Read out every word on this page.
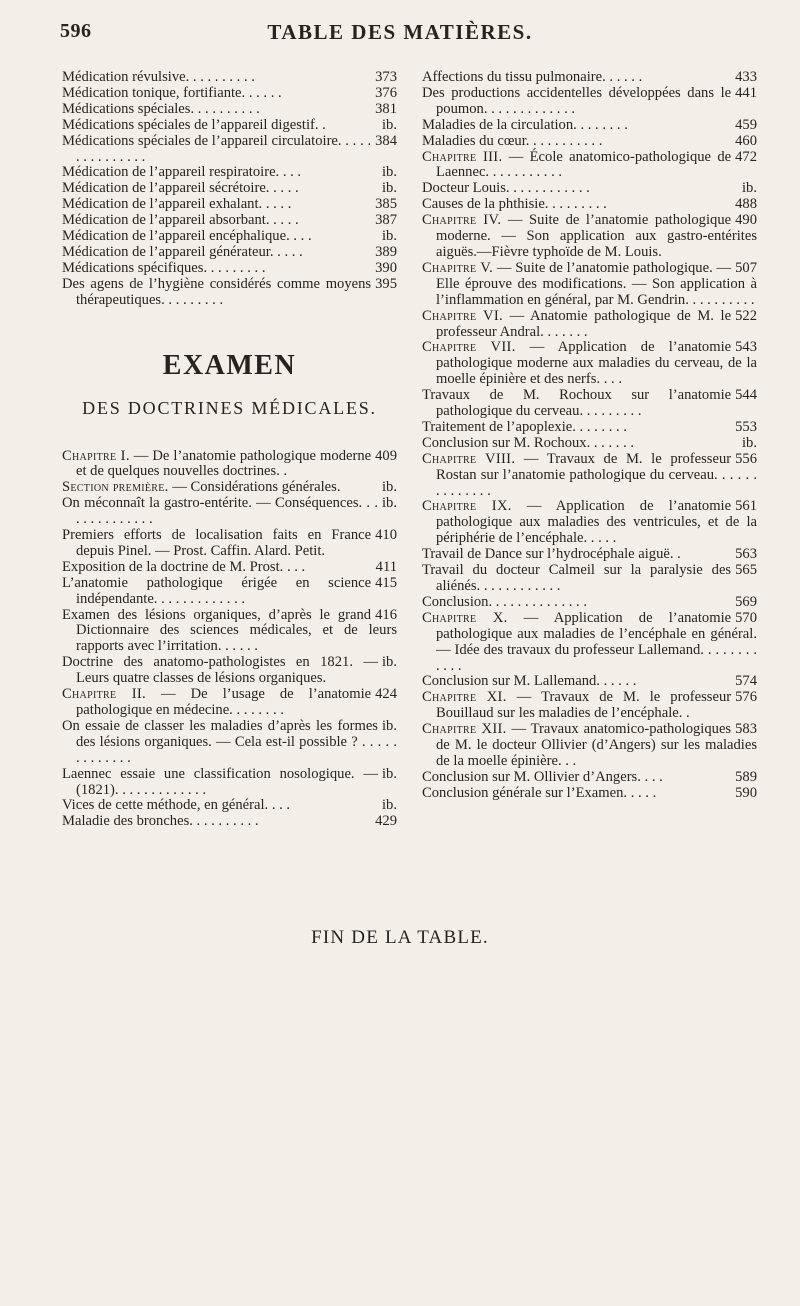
596	TABLE DES MATIÈRES.

373
Médication révulsive. . . . . . . . . .

376
Médication tonique, fortifiante. . . . . .

381
Médications spéciales. . . . . . . . . .

ib.
Médications spéciales de l’appareil digestif. .

384
Médications spéciales de l’appareil circulatoire. . . . . . . . . . . . . . .

ib.
Médication de l’appareil respiratoire. . . .

ib.
Médication de l’appareil sécrétoire. . . . .

385
Médication de l’appareil exhalant. . . . .

387
Médication de l’appareil absorbant. . . . .

ib.
Médication de l’appareil encéphalique. . . .

389
Médication de l’appareil générateur. . . . .

390
Médications spécifiques. . . . . . . . .

395
Des agens de l’hygiène considérés comme moyens thérapeutiques. . . . . . . . .

EXAMEN
DES DOCTRINES MÉDICALES.

409
Chapitre I. — De l’anatomie pathologique moderne et de quelques nouvelles doctrines. .

ib.
Section première. — Considérations générales.

ib.
On méconnaît la gastro-entérite. — Conséquences. . . . . . . . . . . . . .

410
Premiers efforts de localisation faits en France depuis Pinel. — Prost. Caffin. Alard. Petit.

411
Exposition de la doctrine de M. Prost. . . .

415
L’anatomie pathologique érigée en science indépendante. . . . . . . . . . . . .

416
Examen des lésions organiques, d’après le grand Dictionnaire des sciences médicales, et de leurs rapports avec l’irritation. . . . . .

ib.
Doctrine des anatomo-pathologistes en 1821. — Leurs quatre classes de lésions organiques.

424
Chapitre II. — De l’usage de l’anatomie pathologique en médecine. . . . . . . .

ib.
On essaie de classer les maladies d’après les formes des lésions organiques. — Cela est-il possible ? . . . . . . . . . . . . .

ib.
Laennec essaie une classification nosologique. — (1821). . . . . . . . . . . . .

ib.
Vices de cette méthode, en général. . . .

429
Maladie des bronches. . . . . . . . . .

433
Affections du tissu pulmonaire. . . . . .

441
Des productions accidentelles développées dans le poumon. . . . . . . . . . . . .

459
Maladies de la circulation. . . . . . . .

460
Maladies du cœur. . . . . . . . . . .

472
Chapitre III. — École anatomico-pathologique de Laennec. . . . . . . . . . .

ib.
Docteur Louis. . . . . . . . . . . .

488
Causes de la phthisie. . . . . . . . .

490
Chapitre IV. — Suite de l’anatomie pathologique moderne. — Son application aux gastro-entérites aiguës.—Fièvre typhoïde de M. Louis.

507
Chapitre V. — Suite de l’anatomie pathologique. — Elle éprouve des modifications. — Son application à l’inflammation en général, par M. Gendrin. . . . . . . . . .

522
Chapitre VI. — Anatomie pathologique de M. le professeur Andral. . . . . . .

543
Chapitre VII. — Application de l’anatomie pathologique moderne aux maladies du cerveau, de la moelle épinière et des nerfs. . . .

544
Travaux de M. Rochoux sur l’anatomie pathologique du cerveau. . . . . . . . .

553
Traitement de l’apoplexie. . . . . . . .

ib.
Conclusion sur M. Rochoux. . . . . . .

556
Chapitre VIII. — Travaux de M. le professeur Rostan sur l’anatomie pathologique du cerveau. . . . . . . . . . . . . .

561
Chapitre IX. — Application de l’anatomie pathologique aux maladies des ventricules, et de la périphérie de l’encéphale. . . . .

563
Travail de Dance sur l’hydrocéphale aiguë. .

565
Travail du docteur Calmeil sur la paralysie des aliénés. . . . . . . . . . . .

569
Conclusion. . . . . . . . . . . . . .

570
Chapitre X. — Application de l’anatomie pathologique aux maladies de l’encéphale en général. — Idée des travaux du professeur Lallemand. . . . . . . . . . . .

574
Conclusion sur M. Lallemand. . . . . .

576
Chapitre XI. — Travaux de M. le professeur Bouillaud sur les maladies de l’encéphale. .

583
Chapitre XII. — Travaux anatomico-pathologiques de M. le docteur Ollivier (d’Angers) sur les maladies de la moelle épinière. . .

589
Conclusion sur M. Ollivier d’Angers. . . .

590
Conclusion générale sur l’Examen. . . . .

FIN DE LA TABLE.
